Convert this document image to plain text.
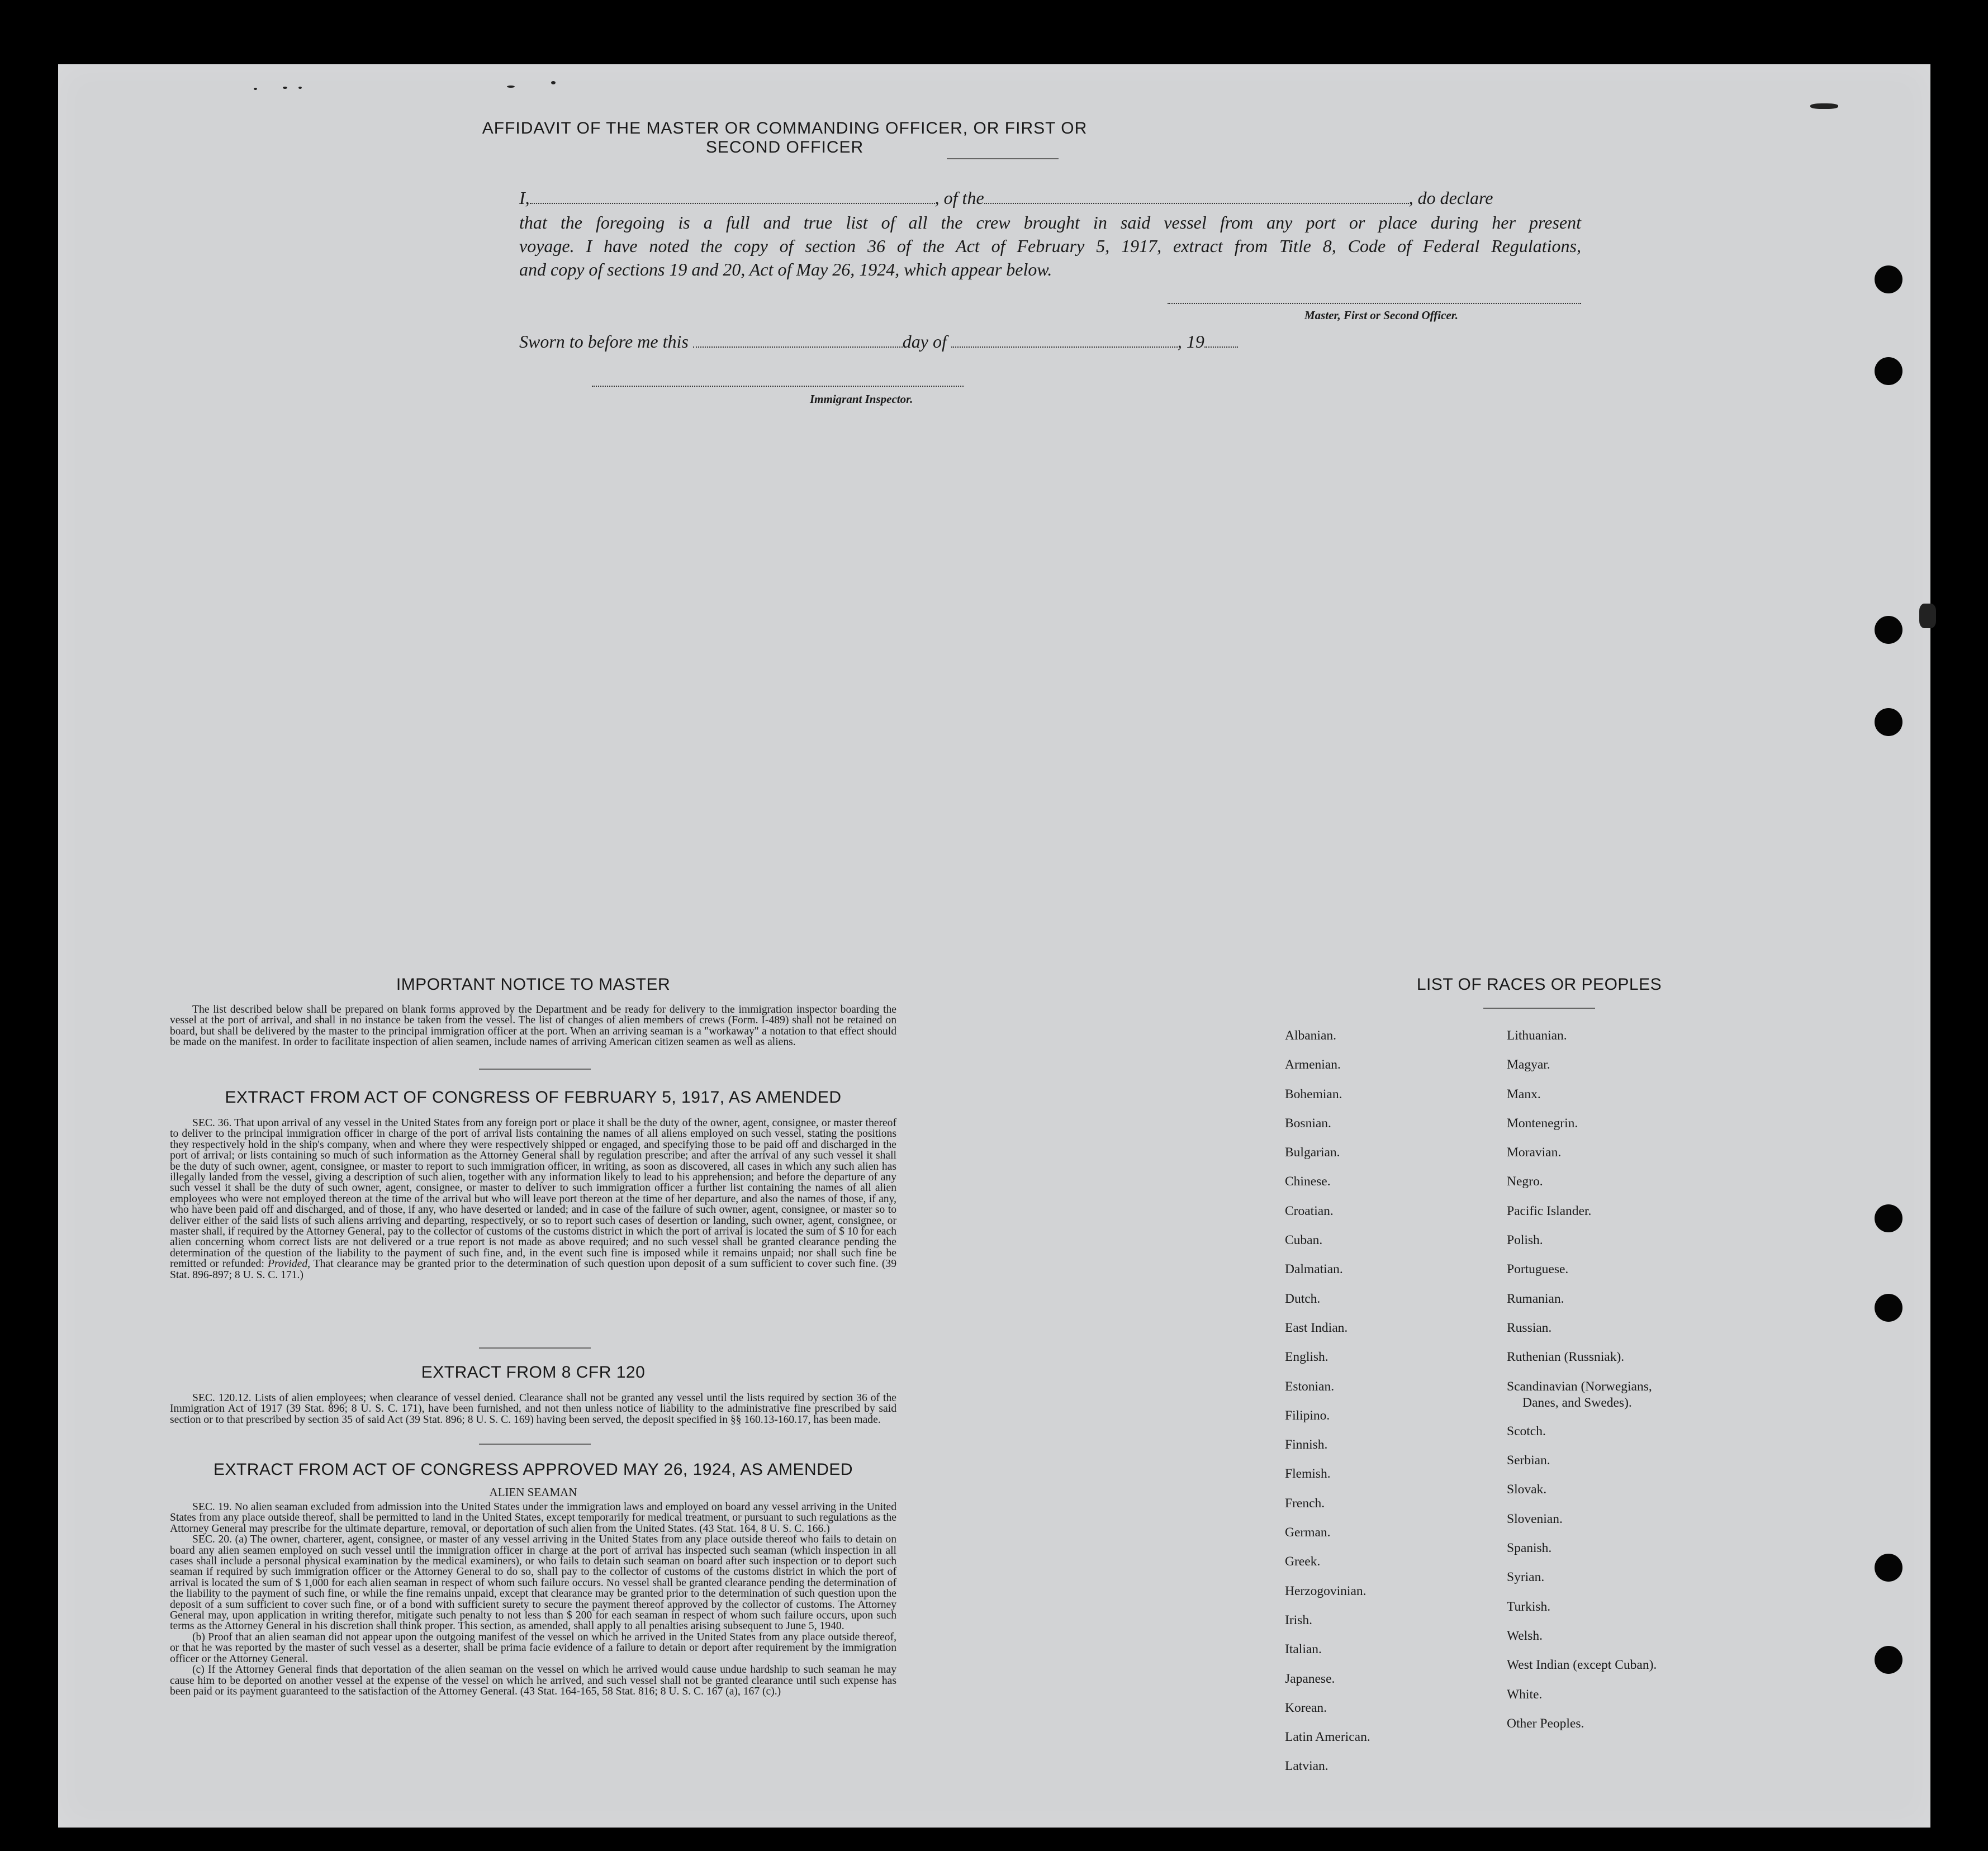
AFFIDAVIT OF THE MASTER OR COMMANDING OFFICER, OR FIRST OR SECOND OFFICER
I,	, of the	, do declare
that the foregoing is a full and true list of all the crew brought in said vessel from any port or place during her present
voyage. I have noted the copy of section 36 of the Act of February 5, 1917, extract from Title 8, Code of Federal Regulations,
and copy of sections 19 and 20, Act of May 26, 1924, which appear below.
Master, First or Second Officer.
Sworn to before me this	day of	, 19
Immigrant Inspector.
IMPORTANT NOTICE TO MASTER

The list described below shall be prepared on blank forms approved by the Department and be ready for delivery to the immigration inspector boarding the vessel at the port of arrival, and shall in no instance be taken from the vessel. The list of changes of alien members of crews (Form. I-489) shall not be retained on board, but shall be delivered by the master to the principal immigration officer at the port. When an arriving seaman is a "workaway" a notation to that effect should be made on the manifest. In order to facilitate inspection of alien seamen, include names of arriving American citizen seamen as well as aliens.

EXTRACT FROM ACT OF CONGRESS OF FEBRUARY 5, 1917, AS AMENDED

SEC. 36. That upon arrival of any vessel in the United States from any foreign port or place it shall be the duty of the owner, agent, consignee, or master thereof to deliver to the principal immigration officer in charge of the port of arrival lists containing the names of all aliens employed on such vessel, stating the positions they respectively hold in the ship's company, when and where they were respectively shipped or engaged, and specifying those to be paid off and discharged in the port of arrival; or lists containing so much of such information as the Attorney General shall by regulation prescribe; and after the arrival of any such vessel it shall be the duty of such owner, agent, consignee, or master to report to such immigration officer, in writing, as soon as discovered, all cases in which any such alien has illegally landed from the vessel, giving a description of such alien, together with any information likely to lead to his apprehension; and before the departure of any such vessel it shall be the duty of such owner, agent, consignee, or master to deliver to such immigration officer a further list containing the names of all alien employees who were not employed thereon at the time of the arrival but who will leave port thereon at the time of her departure, and also the names of those, if any, who have been paid off and discharged, and of those, if any, who have deserted or landed; and in case of the failure of such owner, agent, consignee, or master so to deliver either of the said lists of such aliens arriving and departing, respectively, or so to report such cases of desertion or landing, such owner, agent, consignee, or master shall, if required by the Attorney General, pay to the collector of customs of the customs district in which the port of arrival is located the sum of $ 10 for each alien concerning whom correct lists are not delivered or a true report is not made as above required; and no such vessel shall be granted clearance pending the determination of the question of the liability to the payment of such fine, and, in the event such fine is imposed while it remains unpaid; nor shall such fine be remitted or refunded: Provided, That clearance may be granted prior to the determination of such question upon deposit of a sum sufficient to cover such fine. (39 Stat. 896-897; 8 U. S. C. 171.)

EXTRACT FROM 8 CFR 120

SEC. 120.12. Lists of alien employees; when clearance of vessel denied. Clearance shall not be granted any vessel until the lists required by section 36 of the Immigration Act of 1917 (39 Stat. 896; 8 U. S. C. 171), have been furnished, and not then unless notice of liability to the administrative fine prescribed by said section or to that prescribed by section 35 of said Act (39 Stat. 896; 8 U. S. C. 169) having been served, the deposit specified in §§ 160.13-160.17, has been made.

EXTRACT FROM ACT OF CONGRESS APPROVED MAY 26, 1924, AS AMENDED
ALIEN SEAMAN

SEC. 19. No alien seaman excluded from admission into the United States under the immigration laws and employed on board any vessel arriving in the United States from any place outside thereof, shall be permitted to land in the United States, except temporarily for medical treatment, or pursuant to such regulations as the Attorney General may prescribe for the ultimate departure, removal, or deportation of such alien from the United States. (43 Stat. 164, 8 U. S. C. 166.)

SEC. 20. (a) The owner, charterer, agent, consignee, or master of any vessel arriving in the United States from any place outside thereof who fails to detain on board any alien seamen employed on such vessel until the immigration officer in charge at the port of arrival has inspected such seaman (which inspection in all cases shall include a personal physical examination by the medical examiners), or who fails to detain such seaman on board after such inspection or to deport such seaman if required by such immigration officer or the Attorney General to do so, shall pay to the collector of customs of the customs district in which the port of arrival is located the sum of $ 1,000 for each alien seaman in respect of whom such failure occurs. No vessel shall be granted clearance pending the determination of the liability to the payment of such fine, or while the fine remains unpaid, except that clearance may be granted prior to the determination of such question upon the deposit of a sum sufficient to cover such fine, or of a bond with sufficient surety to secure the payment thereof approved by the collector of customs. The Attorney General may, upon application in writing therefor, mitigate such penalty to not less than $ 200 for each seaman in respect of whom such failure occurs, upon such terms as the Attorney General in his discretion shall think proper. This section, as amended, shall apply to all penalties arising subsequent to June 5, 1940.

(b) Proof that an alien seaman did not appear upon the outgoing manifest of the vessel on which he arrived in the United States from any place outside thereof, or that he was reported by the master of such vessel as a deserter, shall be prima facie evidence of a failure to detain or deport after requirement by the immigration officer or the Attorney General.

(c) If the Attorney General finds that deportation of the alien seaman on the vessel on which he arrived would cause undue hardship to such seaman he may cause him to be deported on another vessel at the expense of the vessel on which he arrived, and such vessel shall not be granted clearance until such expense has been paid or its payment guaranteed to the satisfaction of the Attorney General. (43 Stat. 164-165, 58 Stat. 816; 8 U. S. C. 167 (a), 167 (c).)

LIST OF RACES OR PEOPLES
Albanian.
Armenian.
Bohemian.
Bosnian.
Bulgarian.
Chinese.
Croatian.
Cuban.
Dalmatian.
Dutch.
East Indian.
English.
Estonian.
Filipino.
Finnish.
Flemish.
French.
German.
Greek.
Herzogovinian.
Irish.
Italian.
Japanese.
Korean.
Latin American.
Latvian.
Lithuanian.
Magyar.
Manx.
Montenegrin.
Moravian.
Negro.
Pacific Islander.
Polish.
Portuguese.
Rumanian.
Russian.
Ruthenian (Russniak).
Scandinavian (Norwegians,
Danes, and Swedes).
Scotch.
Serbian.
Slovak.
Slovenian.
Spanish.
Syrian.
Turkish.
Welsh.
West Indian (except Cuban).
White.
Other Peoples.
